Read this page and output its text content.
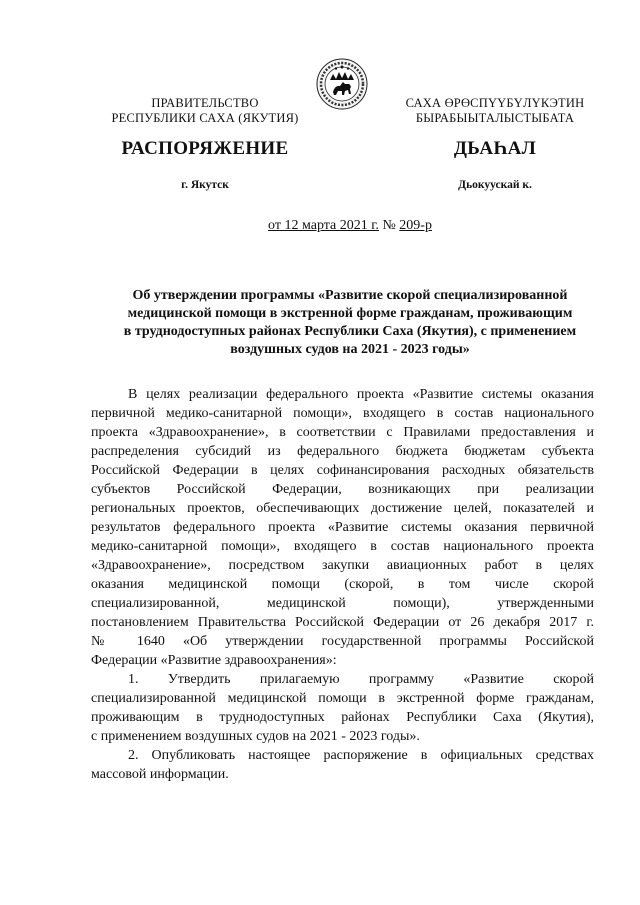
ПРАВИТЕЛЬСТВО
РЕСПУБЛИКИ САХА (ЯКУТИЯ)
САХА ӨРӨСПҮҮБҮЛҮКЭТИН
БЫРАБЫЫТАЛЫСТЫБАТА
РАСПОРЯЖЕНИЕ	ДЬАҺАЛ
г. Якутск	Дьокуускай к.
от 12 марта 2021 г. № 209-р
Об утверждении программы «Развитие скорой специализированной
медицинской помощи в экстренной форме гражданам, проживающим
в труднодоступных районах Республики Саха (Якутия), с применением
воздушных судов на 2021 - 2023 годы»
В целях реализации федерального проекта «Развитие системы оказания
первичной медико-санитарной помощи», входящего в состав национального
проекта «Здравоохранение», в соответствии с Правилами предоставления и
распределения субсидий из федерального бюджета бюджетам субъекта
Российской Федерации в целях софинансирования расходных обязательств
субъектов Российской Федерации, возникающих при реализации
региональных проектов, обеспечивающих достижение целей, показателей и
результатов федерального проекта «Развитие системы оказания первичной
медико-санитарной помощи», входящего в состав национального проекта
«Здравоохранение», посредством закупки авиационных работ в целях
оказания медицинской помощи (скорой, в том числе скорой
специализированной, медицинской помощи), утвержденными
постановлением Правительства Российской Федерации от 26 декабря 2017 г.
№ 1640 «Об утверждении государственной программы Российской
Федерации «Развитие здравоохранения»:
1. Утвердить прилагаемую программу «Развитие скорой
специализированной медицинской помощи в экстренной форме гражданам,
проживающим в труднодоступных районах Республики Саха (Якутия),
с применением воздушных судов на 2021 - 2023 годы».
2. Опубликовать настоящее распоряжение в официальных средствах
массовой информации.
